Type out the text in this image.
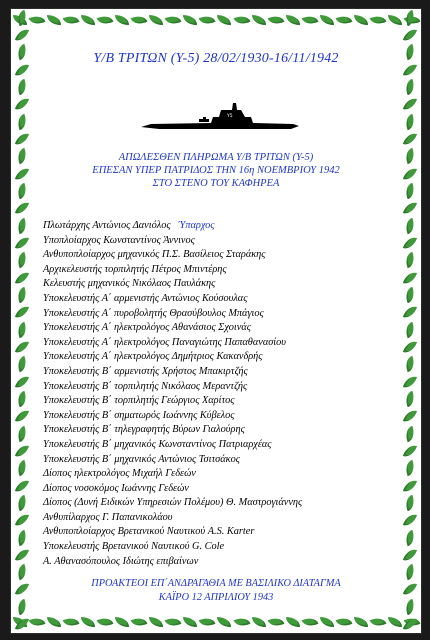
Y/B ΤΡΙΤΩΝ (Y-5) 28/02/1930-16/11/1942
Y5
ΑΠΩΛΕΣΘΕΝ ΠΛΗΡΩΜΑ Y/B ΤΡΙΤΩΝ (Y-5)
ΕΠΕΣΑΝ ΥΠΕΡ ΠΑΤΡΙΔΟΣ ΤΗΝ 16η ΝΟΕΜΒΡΙΟΥ 1942
ΣΤΟ ΣΤΕΝΟ ΤΟΥ ΚΑΦΗΡΕΑ
Πλωτάρχης Αντώνιος Δανιόλος Ύπαρχος
Υποπλοίαρχος Κωνσταντίνος Άννινος
Ανθυποπλοίαρχος μηχανικός Π.Σ. Βασίλειος Σταράκης
Αρχικελευστής τορπιλητής Πέτρος Μπιντέρης
Κελευστής μηχανικός Νικόλαος Παυλάκης
Υποκελευστής Α΄ αρμενιστής Αντώνιος Κούσουλας
Υποκελευστής Α΄ πυροβολητής Θρασύβουλος Μπάγιος
Υποκελευστής Α΄ ηλεκτρολόγος Αθανάσιος Σχοινάς
Υποκελευστής Α΄ ηλεκτρολόγος Παναγιώτης Παπαθανασίου
Υποκελευστής Α΄ ηλεκτρολόγος Δημήτριος Κακανδρής
Υποκελευστής Β΄ αρμενιστής Χρήστος Μπακιρτζής
Υποκελευστής Β΄ τορπιλητής Νικόλαος Μεραντζής
Υποκελευστής Β΄ τορπιλητής Γεώργιος Χαρίτος
Υποκελευστής Β΄ σηματωρός Ιωάννης Κύβελος
Υποκελευστής Β΄ τηλεγραφητής Βύρων Γιαλούρης
Υποκελευστής Β΄ μηχανικός Κωνσταντίνος Πατριαρχέας
Υποκελευστής Β΄ μηχανικός Αντώνιος Τσιτσάκος
Δίοπος ηλεκτρολόγος Μιχαήλ Γεδεών
Δίοπος νοσοκόμος Ιωάννης Γεδεών
Δίοπος (Δυνή Ειδικών Υπηρεσιών Πολέμου) Θ. Μαστρογιάννης
Ανθυπίλαρχος Γ. Παπανικολάου
Ανθυποπλοίαρχος Βρετανικού Ναυτικού A.S. Karter
Υποκελευστής Βρετανικού Ναυτικού G. Cole
Α. Αθανασόπουλος Ιδιώτης επιβαίνων
ΠΡΟΑΚΤΕΟΙ ΕΠ΄ΑΝΔΡΑΓΑΘΙΑ ΜΕ ΒΑΣΙΛΙΚΟ ΔΙΑΤΑΓΜΑ
ΚΑΪΡΟ 12 ΑΠΡΙΛΙΟΥ 1943
